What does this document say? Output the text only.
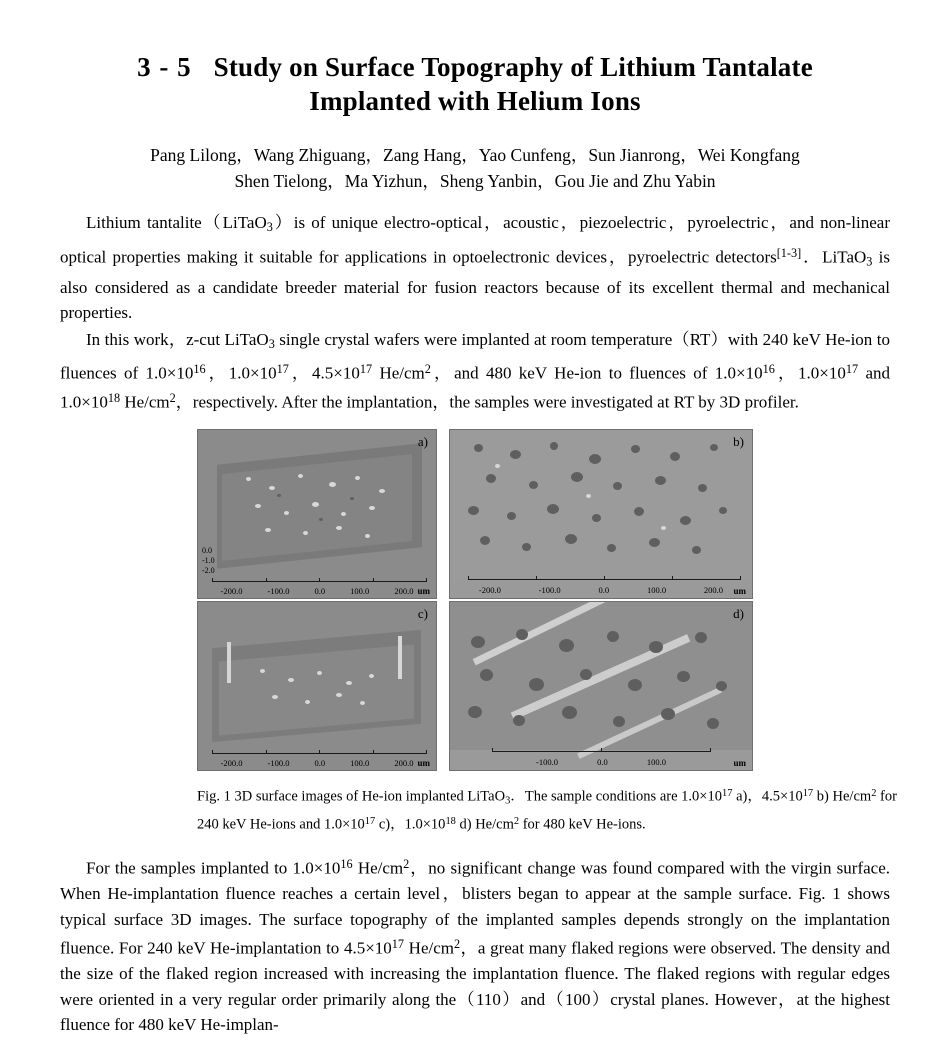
3 - 5 Study on Surface Topography of Lithium Tantalate
Implanted with Helium Ions
Pang Lilong，Wang Zhiguang，Zang Hang，Yao Cunfeng，Sun Jianrong，Wei Kongfang
Shen Tielong，Ma Yizhun，Sheng Yanbin，Gou Jie and Zhu Yabin

Lithium tantalite（LiTaO$_3$）is of unique electro-optical，acoustic，piezoelectric，pyroelectric，and non-linear optical properties making it suitable for applications in optoelectronic devices，pyroelectric detectors[1-3]．LiTaO$_3$ is also considered as a candidate breeder material for fusion reactors because of its excellent thermal and mechanical properties.

In this work，z-cut LiTaO$_3$ single crystal wafers were implanted at room temperature（RT）with 240 keV He-ion to fluences of $1.0\times 10^{16}$，$1.0\times 10^{17}$，$4.5\times 10^{17}$ $He/cm^2$，and 480 keV He-ion to fluences of $1.0\times 10^{16}$，$1.0\times 10^{17}$ and $1.0\times 10^{18}$ $He/cm^2$，respectively. After the implantation，the samples were investigated at RT by 3D profiler.

0.0
-1.0
-2.0
-200.0	-100.0	0.0	100.0	200.0 um
a)
-200.0	-100.0	0.0	100.0	200.0 um
b)
-200.0	-100.0	0.0	100.0	200.0 um
c)
-100.0	0.0	100.0	um
d)

Fig. 1 3D surface images of He-ion implanted LiTaO$_3$．The sample conditions are $1.0\times 10^{17}$ a)，$4.5\times 10^{17}$ b) $He/cm^2$ for 240 keV He-ions and $1.0\times 10^{17}$ c)，$1.0\times 10^{18}$ d) $He/cm^2$ for 480 keV He-ions.

For the samples implanted to $1.0\times 10^{16}$ $He/cm^2$，no significant change was found compared with the virgin surface. When He-implantation fluence reaches a certain level，blisters began to appear at the sample surface. Fig. 1 shows typical surface 3D images. The surface topography of the implanted samples depends strongly on the implantation fluence. For 240 keV He-implantation to $4.5\times 10^{17}$ $He/cm^2$，a great many flaked regions were observed. The density and the size of the flaked region increased with increasing the implantation fluence. The flaked regions with regular edges were oriented in a very regular order primarily along the（110）and（100）crystal planes. However，at the highest fluence for 480 keV He-implan-
